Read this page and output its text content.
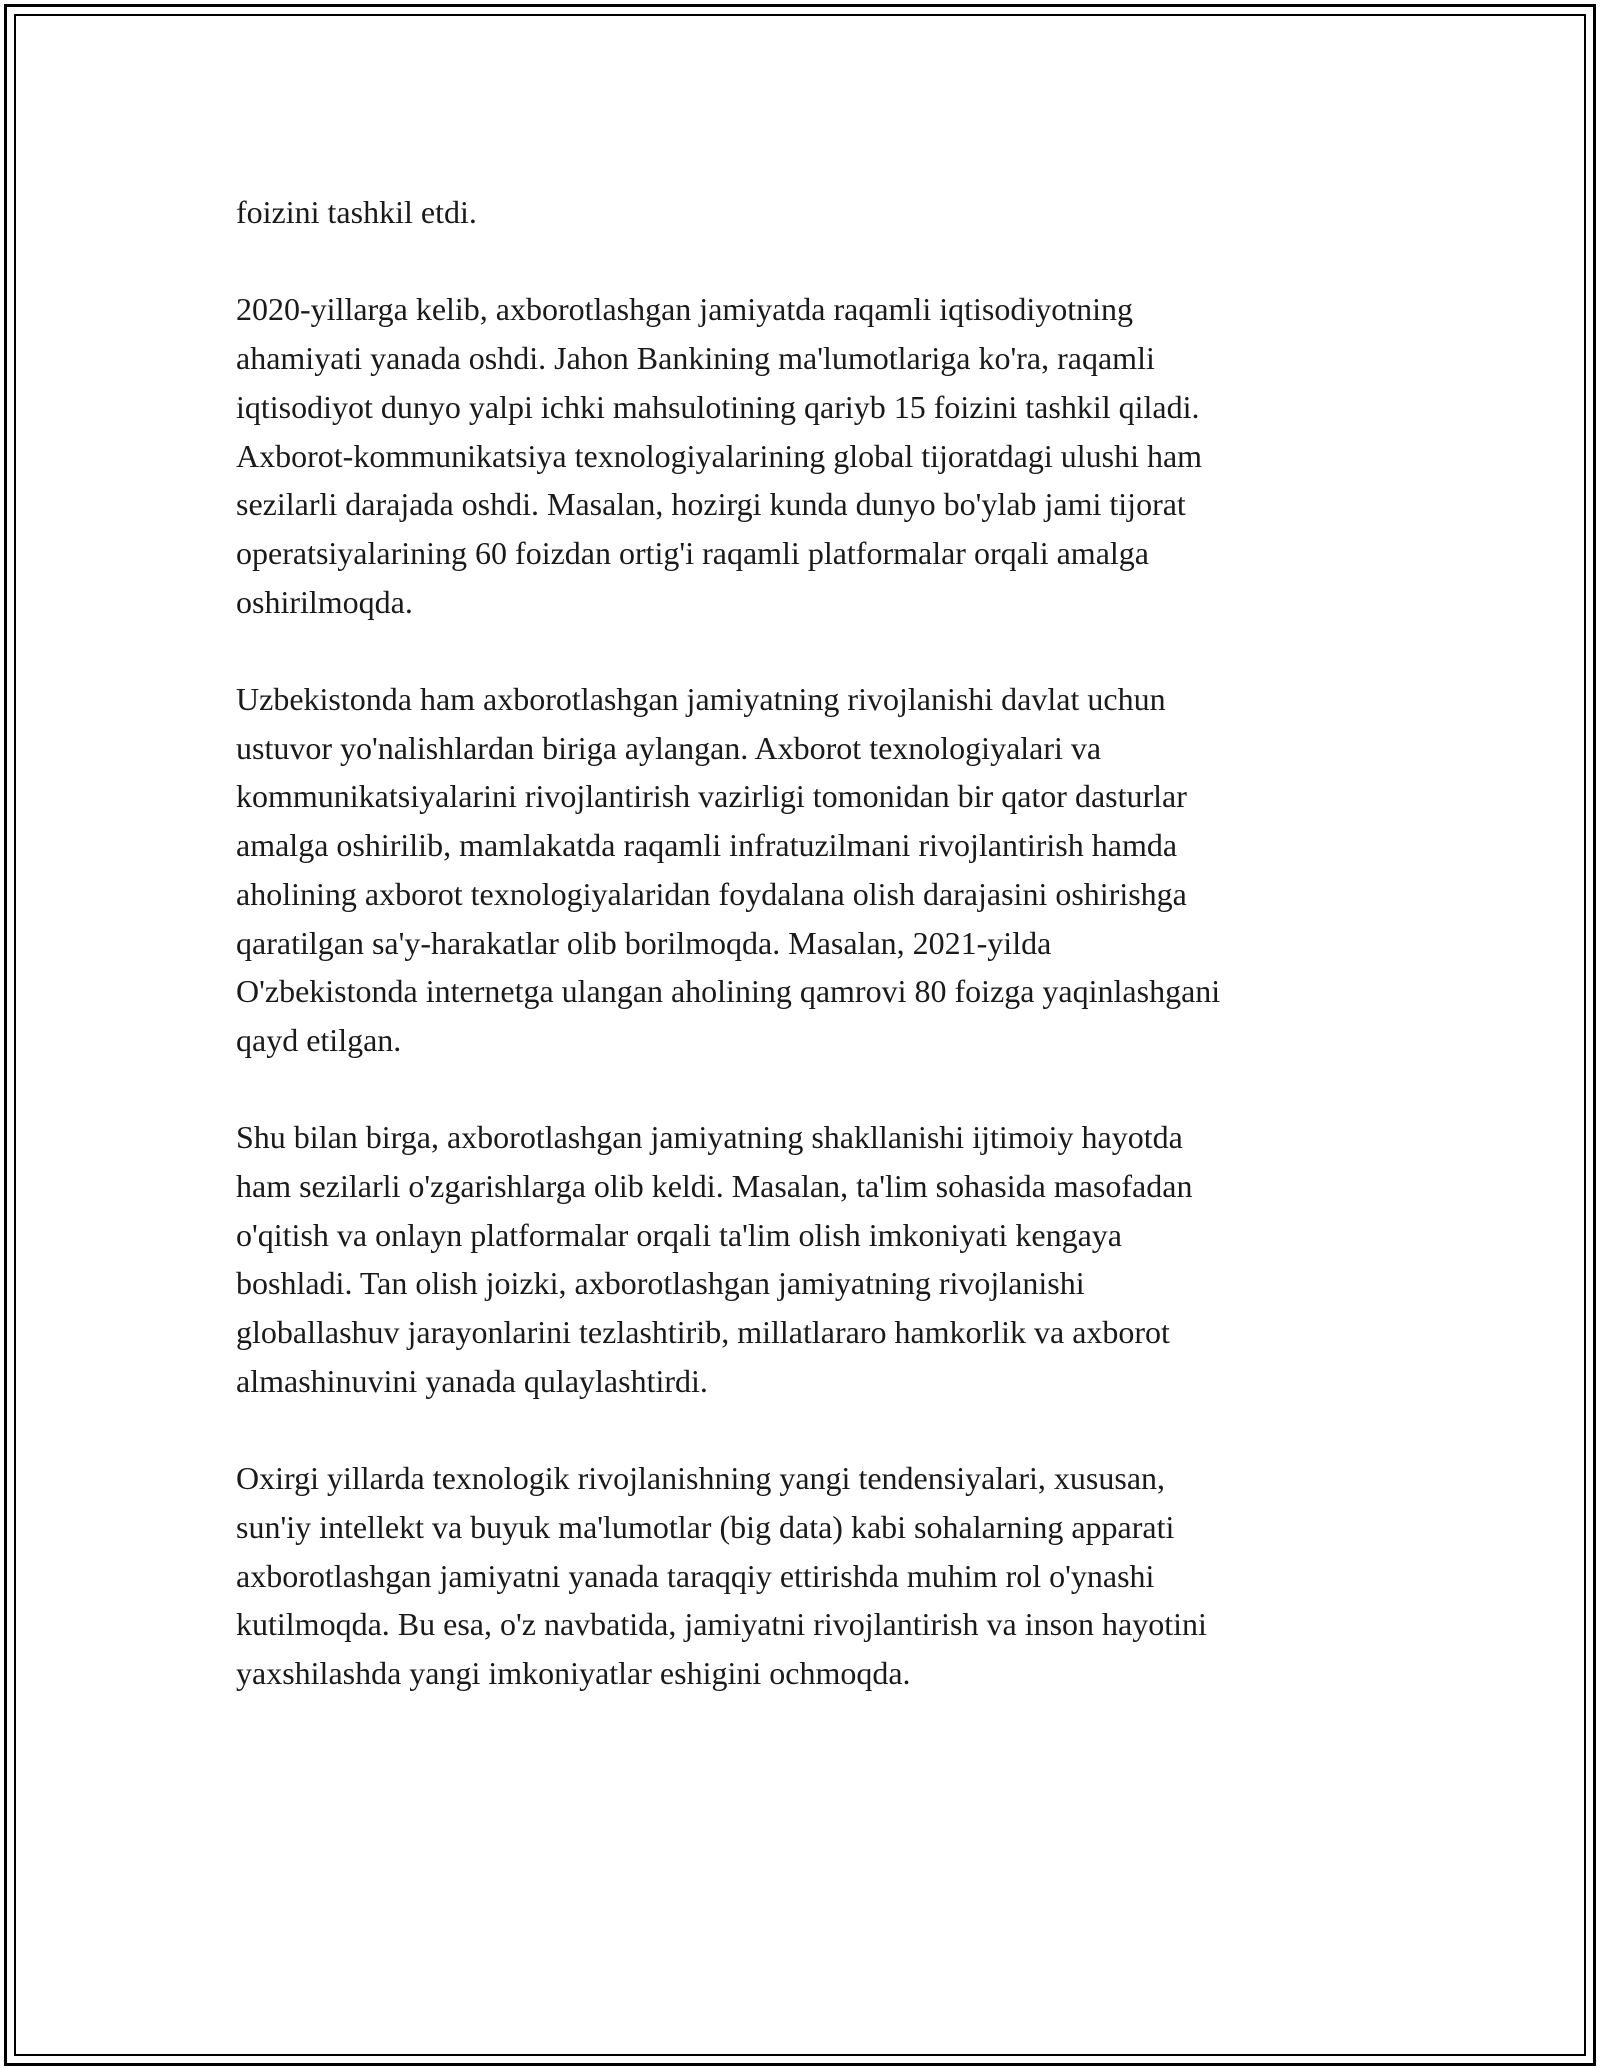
foizini tashkil etdi.

2020-yillarga kelib, axborotlashgan jamiyatda raqamli iqtisodiyotning
ahamiyati yanada oshdi. Jahon Bankining ma'lumotlariga ko'ra, raqamli
iqtisodiyot dunyo yalpi ichki mahsulotining qariyb 15 foizini tashkil qiladi.
Axborot-kommunikatsiya texnologiyalarining global tijoratdagi ulushi ham
sezilarli darajada oshdi. Masalan, hozirgi kunda dunyo bo'ylab jami tijorat
operatsiyalarining 60 foizdan ortig'i raqamli platformalar orqali amalga
oshirilmoqda.

Uzbekistonda ham axborotlashgan jamiyatning rivojlanishi davlat uchun
ustuvor yo'nalishlardan biriga aylangan. Axborot texnologiyalari va
kommunikatsiyalarini rivojlantirish vazirligi tomonidan bir qator dasturlar
amalga oshirilib, mamlakatda raqamli infratuzilmani rivojlantirish hamda
aholining axborot texnologiyalaridan foydalana olish darajasini oshirishga
qaratilgan sa'y-harakatlar olib borilmoqda. Masalan, 2021-yilda
O'zbekistonda internetga ulangan aholining qamrovi 80 foizga yaqinlashgani
qayd etilgan.

Shu bilan birga, axborotlashgan jamiyatning shakllanishi ijtimoiy hayotda
ham sezilarli o'zgarishlarga olib keldi. Masalan, ta'lim sohasida masofadan
o'qitish va onlayn platformalar orqali ta'lim olish imkoniyati kengaya
boshladi. Tan olish joizki, axborotlashgan jamiyatning rivojlanishi
globallashuv jarayonlarini tezlashtirib, millatlararo hamkorlik va axborot
almashinuvini yanada qulaylashtirdi.

Oxirgi yillarda texnologik rivojlanishning yangi tendensiyalari, xususan,
sun'iy intellekt va buyuk ma'lumotlar (big data) kabi sohalarning apparati
axborotlashgan jamiyatni yanada taraqqiy ettirishda muhim rol o'ynashi
kutilmoqda. Bu esa, o'z navbatida, jamiyatni rivojlantirish va inson hayotini
yaxshilashda yangi imkoniyatlar eshigini ochmoqda.
